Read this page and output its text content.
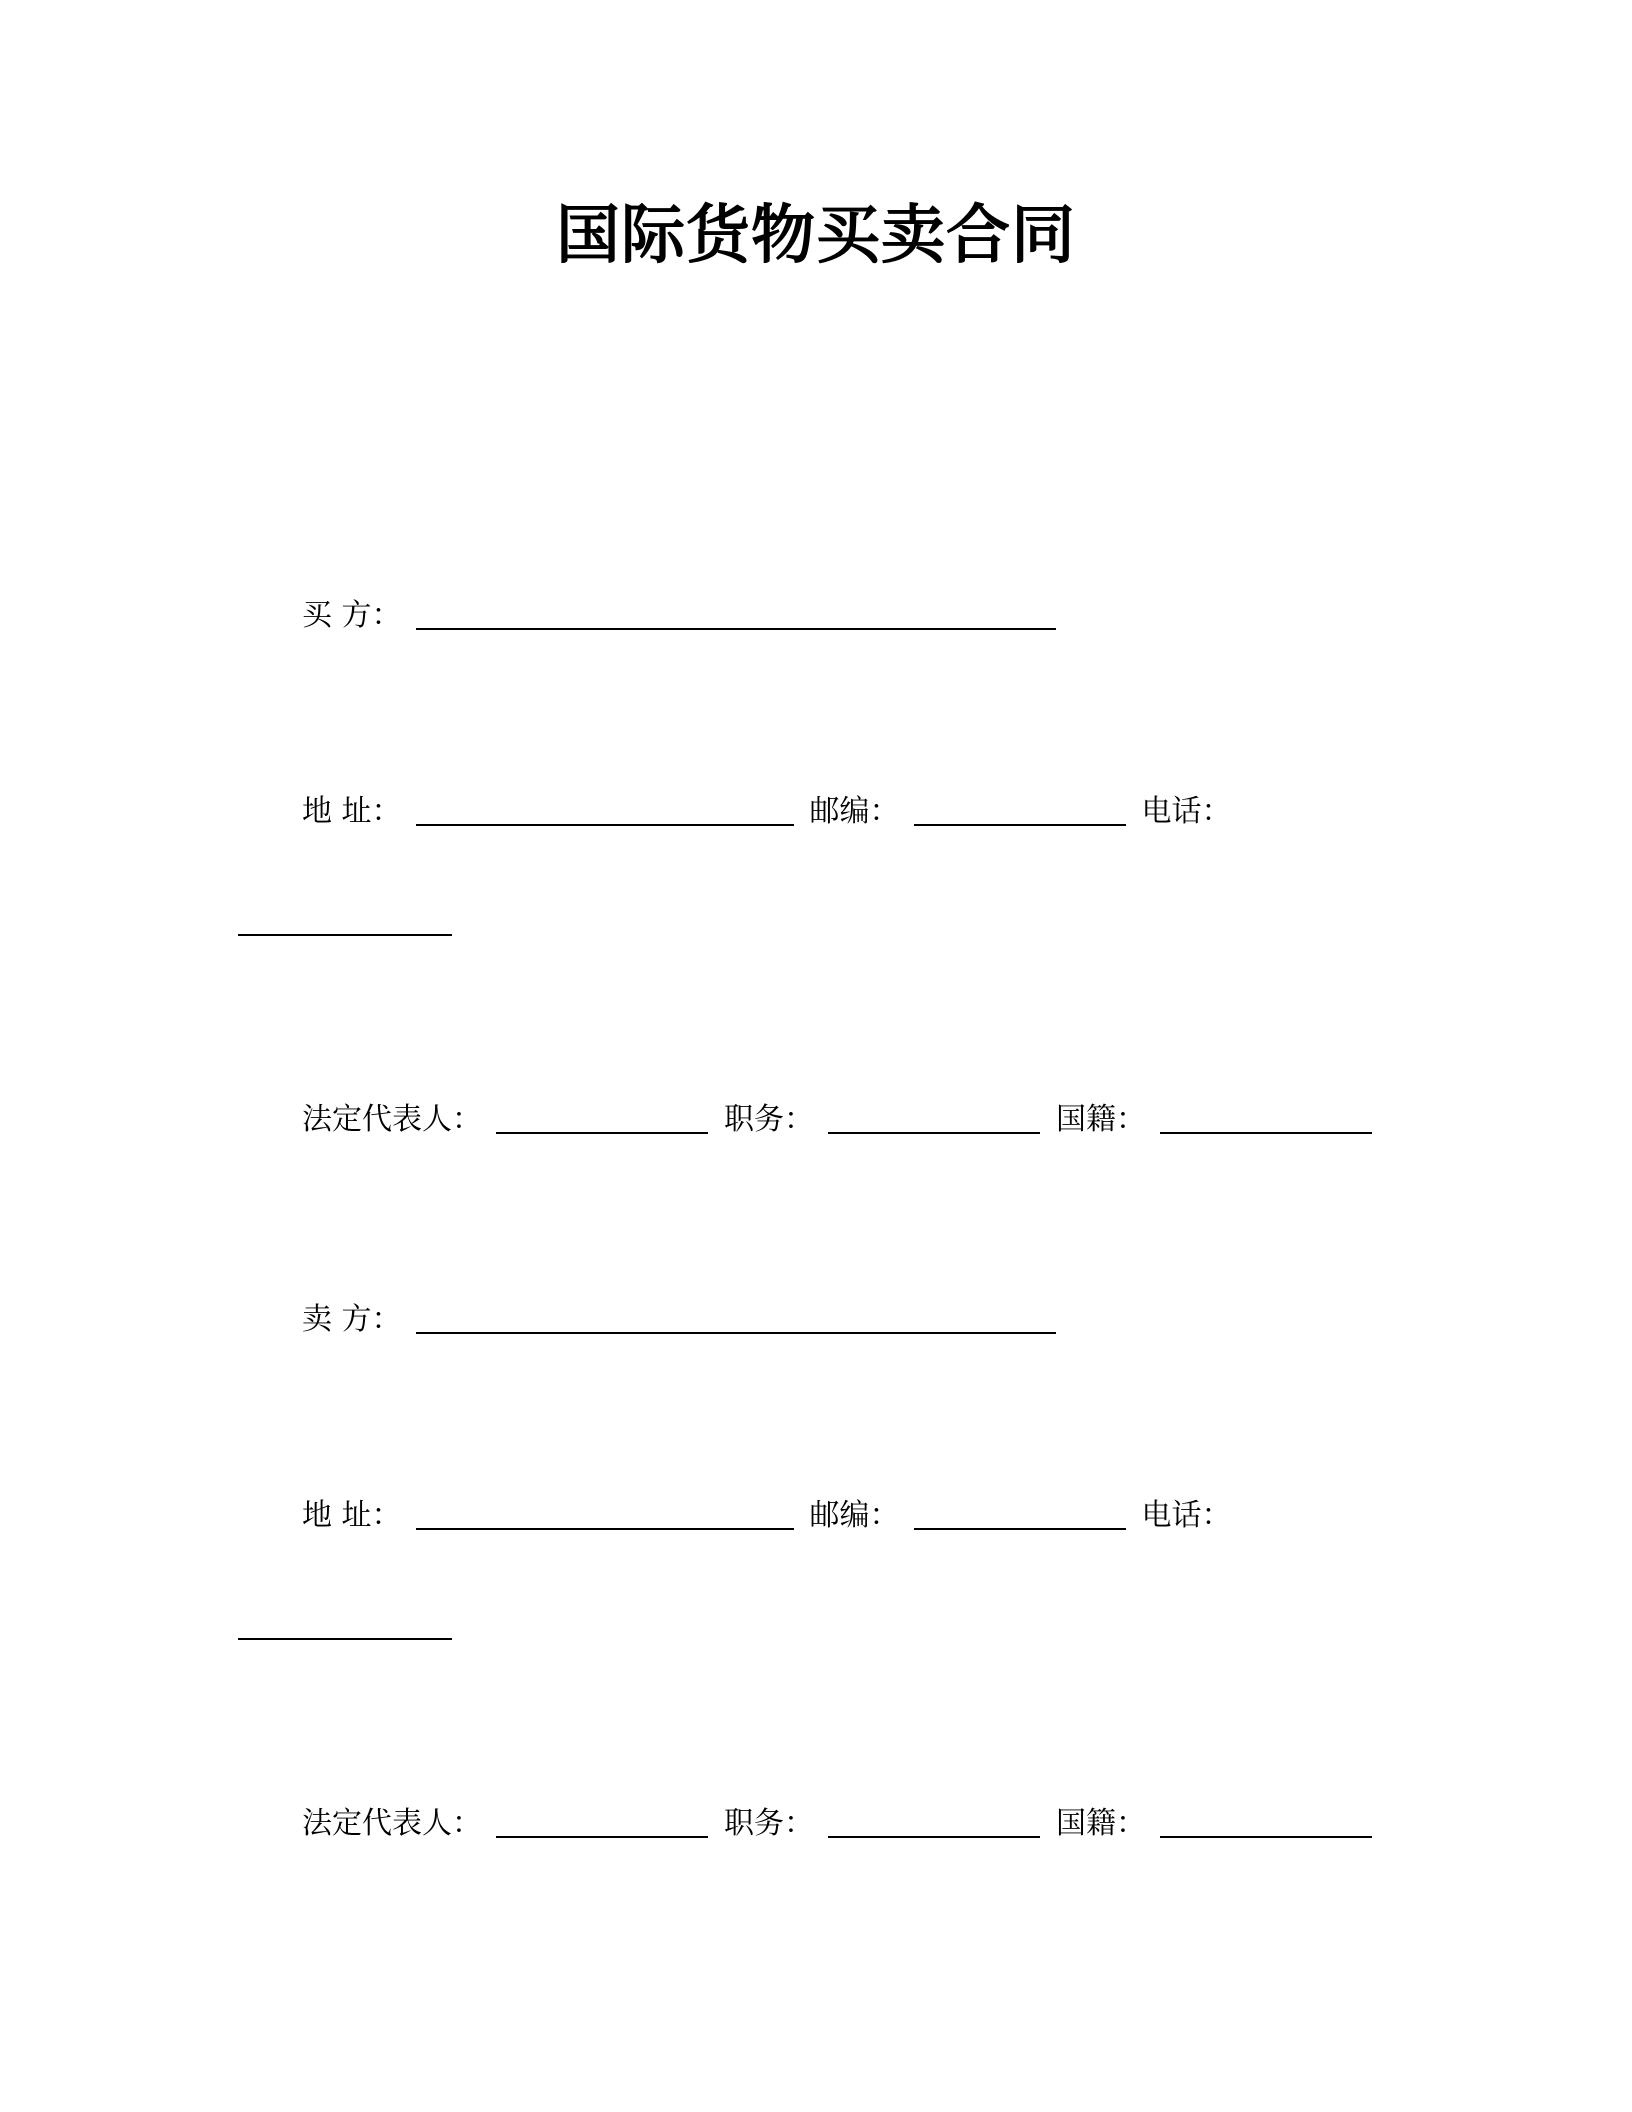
国际货物买卖合同
买 方：
地 址：	邮编：	电话：
法定代表人：	职务：	国籍：
卖 方：
地 址：	邮编：	电话：
法定代表人：	职务：	国籍：
